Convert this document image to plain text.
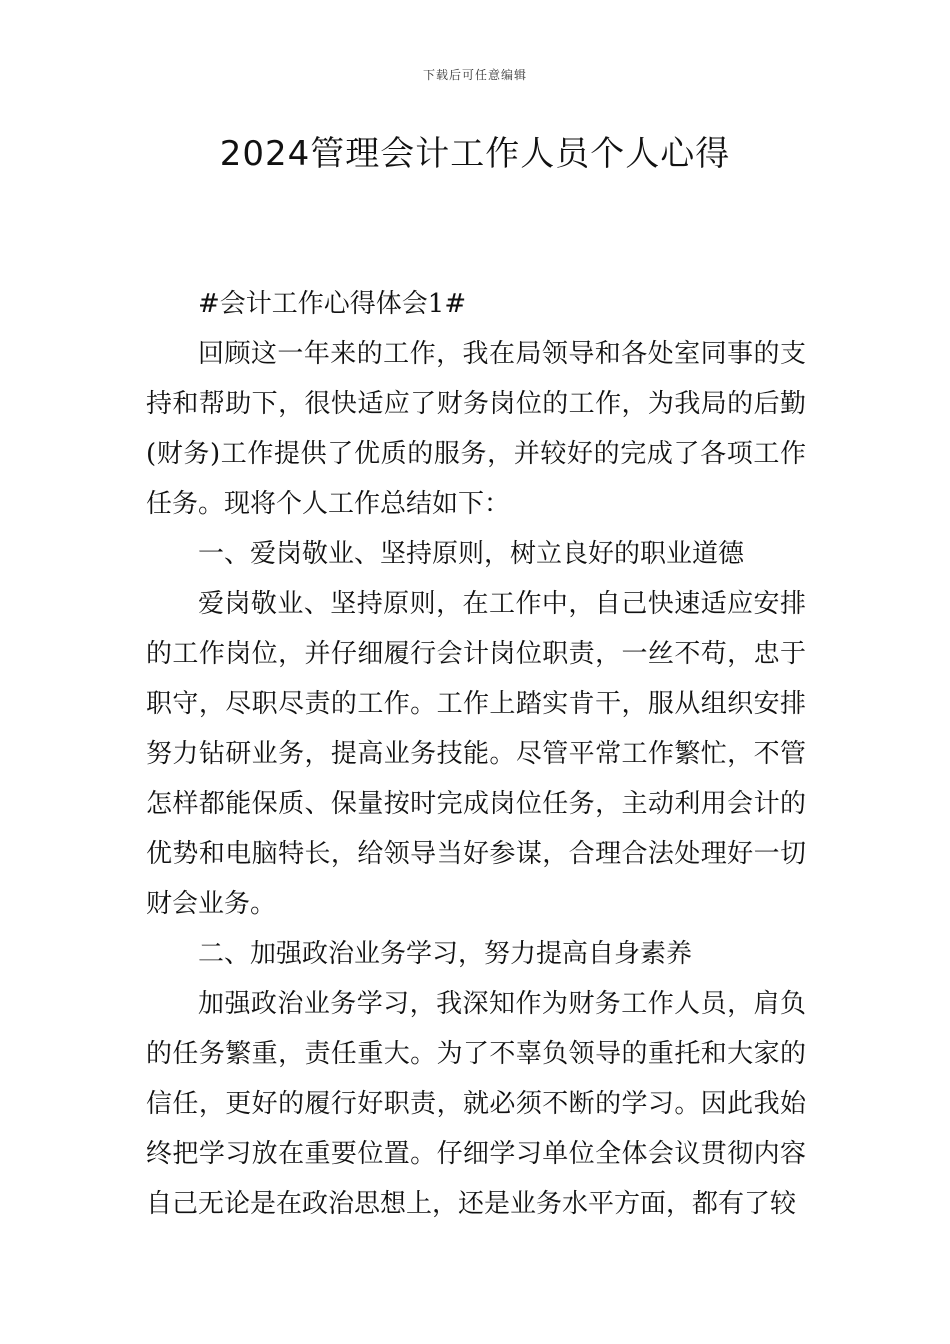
下载后可任意编辑
2024管理会计工作人员个人心得

#会计工作心得体会1#

回顾这一年来的工作，我在局领导和各处室同事的支持和帮助下，很快适应了财务岗位的工作，为我局的后勤(财务)工作提供了优质的服务，并较好的完成了各项工作任务。现将个人工作总结如下：

一、爱岗敬业、坚持原则，树立良好的职业道德

爱岗敬业、坚持原则，在工作中，自己快速适应安排的工作岗位，并仔细履行会计岗位职责，一丝不苟，忠于职守，尽职尽责的工作。工作上踏实肯干，服从组织安排努力钻研业务，提高业务技能。尽管平常工作繁忙，不管怎样都能保质、保量按时完成岗位任务，主动利用会计的优势和电脑特长，给领导当好参谋，合理合法处理好一切财会业务。

二、加强政治业务学习，努力提高自身素养

加强政治业务学习，我深知作为财务工作人员，肩负的任务繁重，责任重大。为了不辜负领导的重托和大家的信任，更好的履行好职责，就必须不断的学习。因此我始终把学习放在重要位置。仔细学习单位全体会议贯彻内容自己无论是在政治思想上，还是业务水平方面，都有了较
